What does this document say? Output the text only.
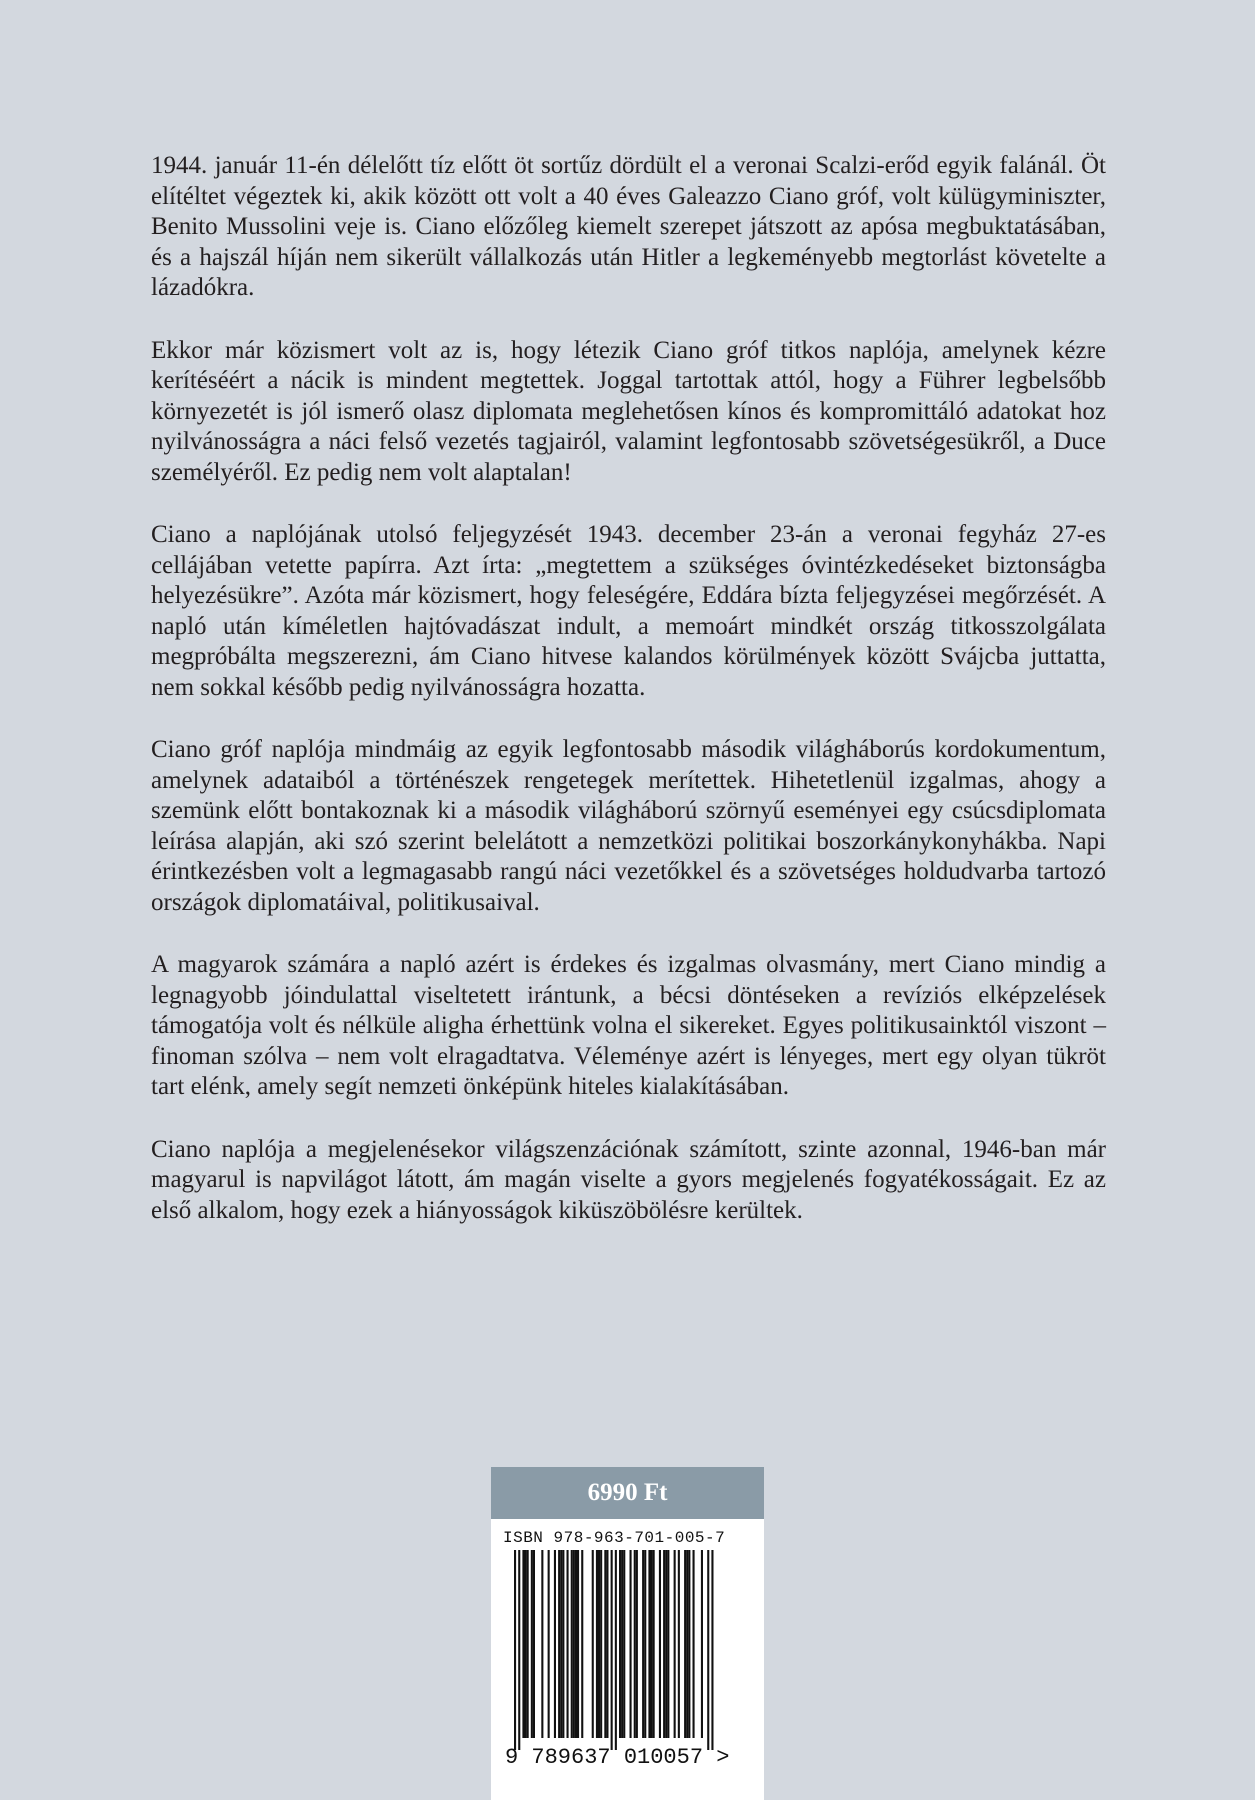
1944. január 11-én délelőtt tíz előtt öt sortűz dördült el a veronai Scalzi-erőd egyik falánál. Öt elítéltet végeztek ki, akik között ott volt a 40 éves Galeazzo Ciano gróf, volt külügyminiszter, Benito Mussolini veje is. Ciano előzőleg kiemelt szerepet játszott az apósa megbuktatásában, és a hajszál híján nem sikerült vállalkozás után Hitler a legkeményebb megtorlást követelte a lázadókra.

Ekkor már közismert volt az is, hogy létezik Ciano gróf titkos naplója, amelynek kézre kerítéséért a nácik is mindent megtettek. Joggal tartottak attól, hogy a Führer legbelsőbb környezetét is jól ismerő olasz diplomata meglehetősen kínos és kompromittáló adatokat hoz nyilvánosságra a náci felső vezetés tagjairól, valamint legfontosabb szövetségesükről, a Duce személyéről. Ez pedig nem volt alaptalan!

Ciano a naplójának utolsó feljegyzését 1943. december 23-án a veronai fegyház 27-es cellájában vetette papírra. Azt írta: „megtettem a szükséges óvintézkedéseket biztonságba helyezésükre”. Azóta már közismert, hogy feleségére, Eddára bízta feljegyzései megőrzését. A napló után kíméletlen hajtóvadászat indult, a memoárt mindkét ország titkosszolgálata megpróbálta megszerezni, ám Ciano hitvese kalandos körülmények között Svájcba juttatta, nem sokkal később pedig nyilvánosságra hozatta.

Ciano gróf naplója mindmáig az egyik legfontosabb második világháborús kordokumentum, amelynek adataiból a történészek rengetegek merítettek. Hihetetlenül izgalmas, ahogy a szemünk előtt bontakoznak ki a második világháború szörnyű eseményei egy csúcsdiplomata leírása alapján, aki szó szerint belelátott a nemzetközi politikai boszorkánykonyhákba. Napi érintkezésben volt a legmagasabb rangú náci vezetőkkel és a szövetséges holdudvarba tartozó országok diplomatáival, politikusaival.

A magyarok számára a napló azért is érdekes és izgalmas olvasmány, mert Ciano mindig a legnagyobb jóindulattal viseltetett irántunk, a bécsi döntéseken a revíziós elképzelések támogatója volt és nélküle aligha érhettünk volna el sikereket. Egyes politikusainktól viszont – finoman szólva – nem volt elragadtatva. Véleménye azért is lényeges, mert egy olyan tükröt tart elénk, amely segít nemzeti önképünk hiteles kialakításában.

Ciano naplója a megjelenésekor világszenzációnak számított, szinte azonnal, 1946-ban már magyarul is napvilágot látott, ám magán viselte a gyors megjelenés fogyatékosságait. Ez az első alkalom, hogy ezek a hiányosságok kiküszöbölésre kerültek.

6990 Ft
ISBN 978-963-701-005-7
9 789637 010057 >
